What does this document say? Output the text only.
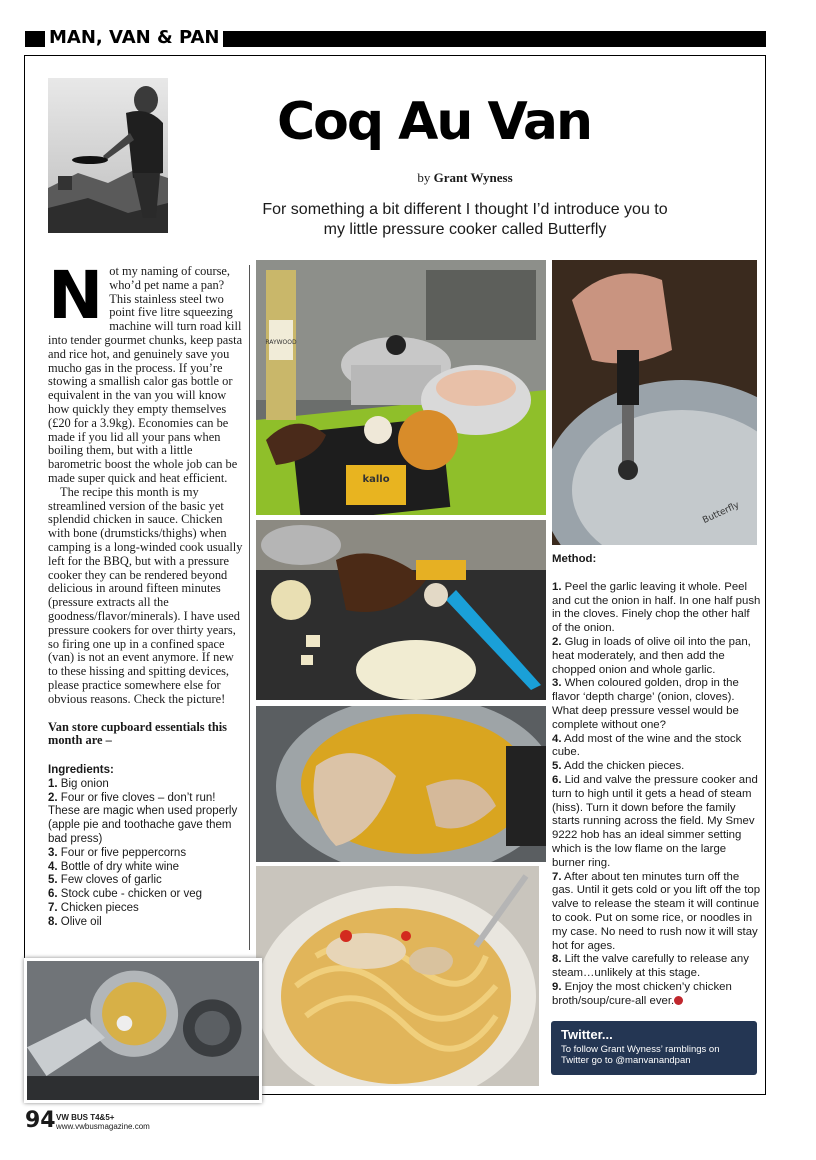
MAN, VAN & PAN
Coq Au Van
by Grant Wyness
For something a bit different I thought I’d introduce you to my little pressure cooker called Butterfly

Not my naming of course, who’d pet name a pan? This stainless steel two point five litre squeezing machine will turn road kill into tender gourmet chunks, keep pasta and rice hot, and genuinely save you mucho gas in the process. If you’re stowing a smallish calor gas bottle or equivalent in the van you will know how quickly they empty themselves (£20 for a 3.9kg). Economies can be made if you lid all your pans when boiling them, but with a little barometric boost the whole job can be made super quick and heat efficient.

The recipe this month is my streamlined version of the basic yet splendid chicken in sauce. Chicken with bone (drumsticks/thighs) when camping is a long-winded cook usually left for the BBQ, but with a pressure cooker they can be rendered beyond delicious in around fifteen minutes (pressure extracts all the goodness/flavor/minerals). I have used pressure cookers for over thirty years, so firing one up in a confined space (van) is not an event anymore. If new to these hissing and spitting devices, please practice somewhere else for obvious reasons. Check the picture!

Van store cupboard essentials this month are –

Ingredients:
1. Big onion
2. Four or five cloves – don’t run! These are magic when used properly (apple pie and toothache gave them bad press)
3. Four or five peppercorns
4. Bottle of dry white wine
5. Few cloves of garlic
6. Stock cube - chicken or veg
7. Chicken pieces
8. Olive oil
RAYWOOD
kallo
Butterfly
Method:
1. Peel the garlic leaving it whole. Peel and cut the onion in half. In one half push in the cloves. Finely chop the other half of the onion.
2. Glug in loads of olive oil into the pan, heat moderately, and then add the chopped onion and whole garlic.
3. When coloured golden, drop in the flavor ‘depth charge’ (onion, cloves). What deep pressure vessel would be complete without one?
4. Add most of the wine and the stock cube.
5. Add the chicken pieces.
6. Lid and valve the pressure cooker and turn to high until it gets a head of steam (hiss). Turn it down before the family starts running across the field. My Smev 9222 hob has an ideal simmer setting which is the low flame on the large burner ring.
7. After about ten minutes turn off the gas. Until it gets cold or you lift off the top valve to release the steam it will continue to cook. Put on some rice, or noodles in my case. No need to rush now it will stay hot for ages.
8. Lift the valve carefully to release any steam…unlikely at this stage.
9. Enjoy the most chicken’y chicken broth/soup/cure-all ever.
Twitter...
To follow Grant Wyness’ ramblings on Twitter go to @manvanandpan
94 VW BUS T4&5+
www.vwbusmagazine.com
